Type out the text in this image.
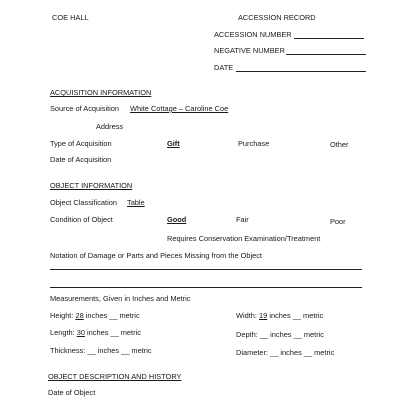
COE HALL	ACCESSION RECORD
ACCESSION NUMBER
NEGATIVE NUMBER
DATE
ACQUISITION INFORMATION
Source of Acquisition White Cottage – Caroline Coe
Address
Type of Acquisition	Gift	Purchase	Other
Date of Acquisition
OBJECT INFORMATION
Object Classification Table
Condition of Object	Good	Fair	Poor
Requires Conservation Examination/Treatment
Notation of Damage or Parts and Pieces Missing from the Object
Measurements, Given in Inches and Metric
Height: 28 inches __ metric	Width: 19 inches __ metric
Length: 30 inches __ metric	Depth: __ inches __ metric
Thickness: __ inches __ metric	Diameter: __ inches __ metric
OBJECT DESCRIPTION AND HISTORY
Date of Object
